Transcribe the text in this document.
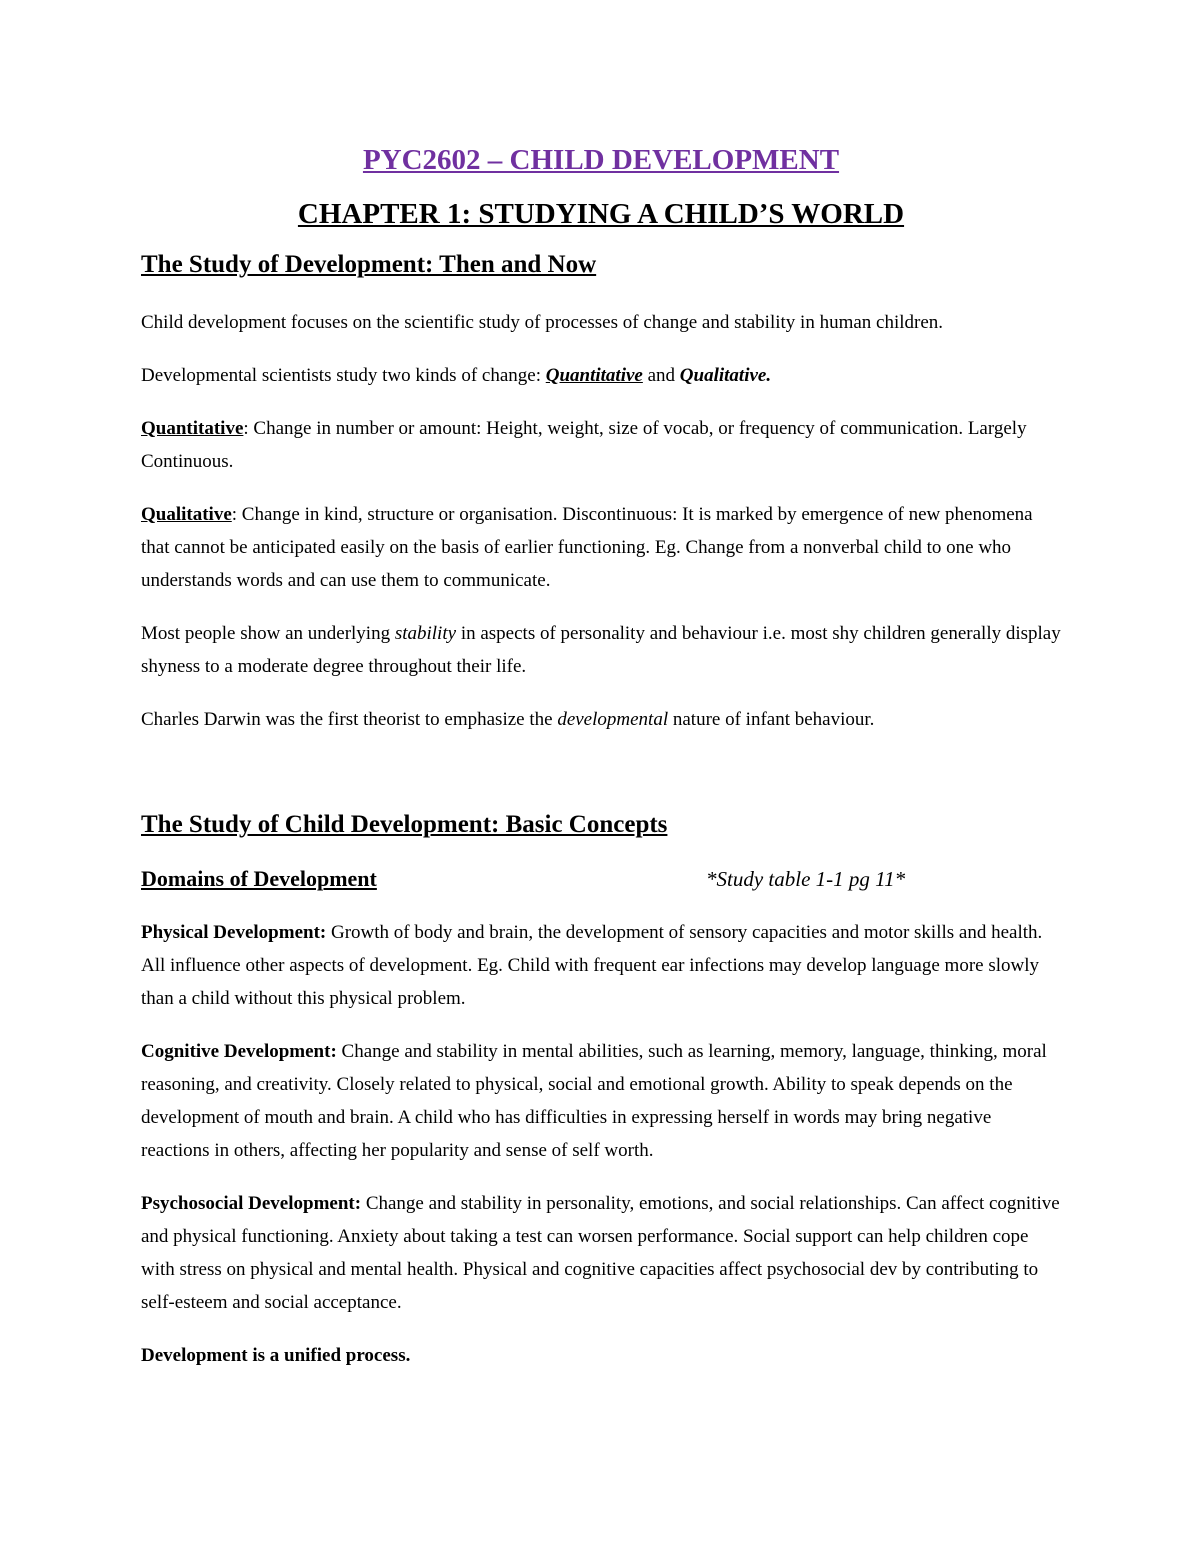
PYC2602 – CHILD DEVELOPMENT
CHAPTER 1: STUDYING A CHILD’S WORLD
The Study of Development: Then and Now

Child development focuses on the scientific study of processes of change and stability in human children.

Developmental scientists study two kinds of change: Quantitative and Qualitative.

Quantitative: Change in number or amount: Height, weight, size of vocab, or frequency of communication. Largely Continuous.

Qualitative: Change in kind, structure or organisation. Discontinuous: It is marked by emergence of new phenomena that cannot be anticipated easily on the basis of earlier functioning. Eg. Change from a nonverbal child to one who understands words and can use them to communicate.

Most people show an underlying stability in aspects of personality and behaviour i.e. most shy children generally display shyness to a moderate degree throughout their life.

Charles Darwin was the first theorist to emphasize the developmental nature of infant behaviour.

The Study of Child Development: Basic Concepts
Domains of Development	*Study table 1-1 pg 11*

Physical Development: Growth of body and brain, the development of sensory capacities and motor skills and health. All influence other aspects of development. Eg. Child with frequent ear infections may develop language more slowly than a child without this physical problem.

Cognitive Development: Change and stability in mental abilities, such as learning, memory, language, thinking, moral reasoning, and creativity. Closely related to physical, social and emotional growth. Ability to speak depends on the development of mouth and brain. A child who has difficulties in expressing herself in words may bring negative reactions in others, affecting her popularity and sense of self worth.

Psychosocial Development: Change and stability in personality, emotions, and social relationships. Can affect cognitive and physical functioning. Anxiety about taking a test can worsen performance. Social support can help children cope with stress on physical and mental health. Physical and cognitive capacities affect psychosocial dev by contributing to self-esteem and social acceptance.

Development is a unified process.
